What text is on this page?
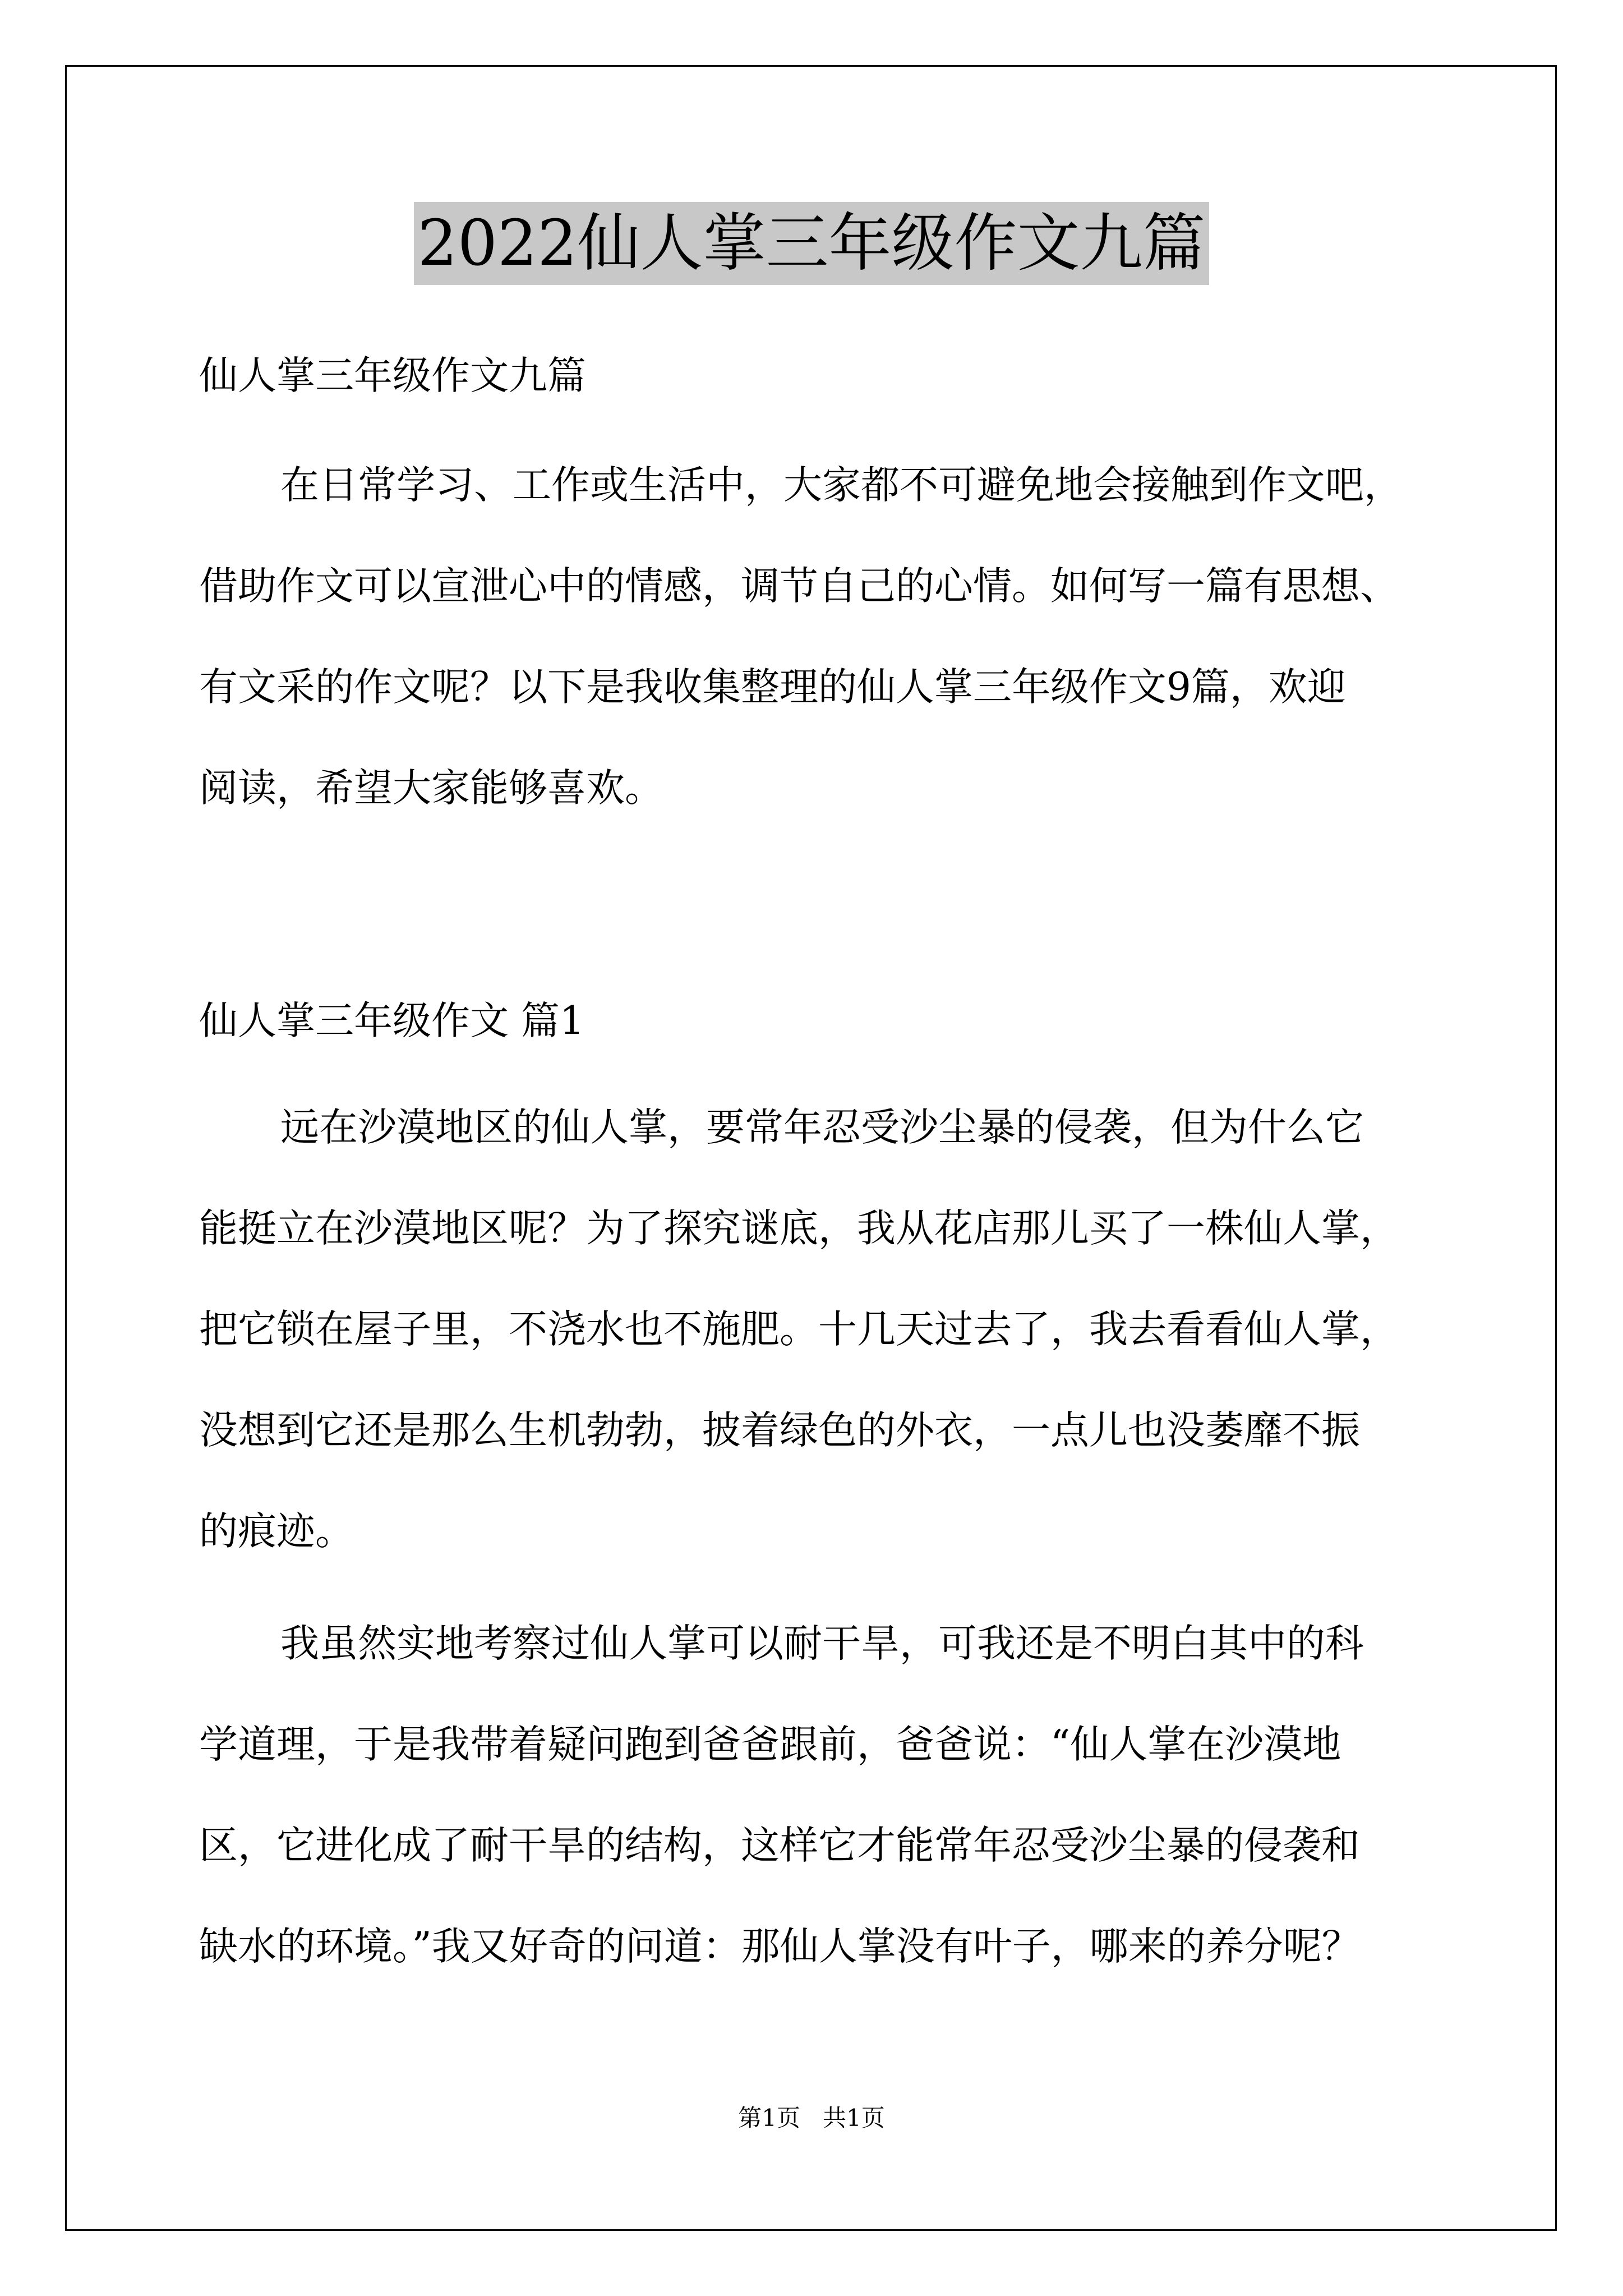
2022仙人掌三年级作文九篇
仙人掌三年级作文九篇
在日常学习、工作或生活中，大家都不可避免地会接触到作文吧，
借助作文可以宣泄心中的情感，调节自己的心情。如何写一篇有思想、
有文采的作文呢？以下是我收集整理的仙人掌三年级作文9篇，欢迎
阅读，希望大家能够喜欢。
仙人掌三年级作文 篇1
远在沙漠地区的仙人掌，要常年忍受沙尘暴的侵袭，但为什么它
能挺立在沙漠地区呢？为了探究谜底，我从花店那儿买了一株仙人掌，
把它锁在屋子里，不浇水也不施肥。十几天过去了，我去看看仙人掌，
没想到它还是那么生机勃勃，披着绿色的外衣，一点儿也没萎靡不振
的痕迹。
我虽然实地考察过仙人掌可以耐干旱，可我还是不明白其中的科
学道理，于是我带着疑问跑到爸爸跟前，爸爸说：“仙人掌在沙漠地
区，它进化成了耐干旱的结构，这样它才能常年忍受沙尘暴的侵袭和
缺水的环境。”我又好奇的问道：那仙人掌没有叶子，哪来的养分呢？
第1页   共1页
